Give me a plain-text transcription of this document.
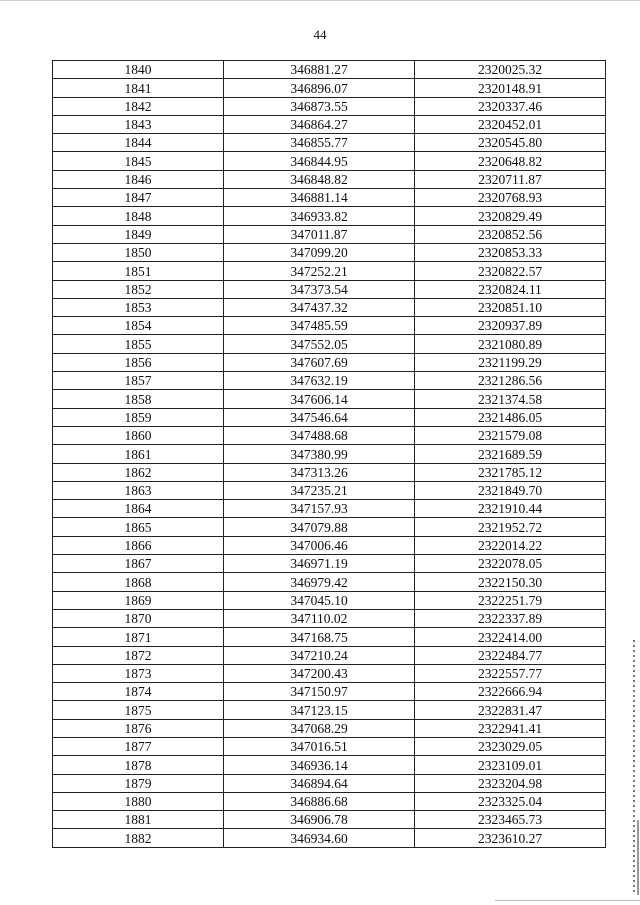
44
1840	346881.27	2320025.32
1841	346896.07	2320148.91
1842	346873.55	2320337.46
1843	346864.27	2320452.01
1844	346855.77	2320545.80
1845	346844.95	2320648.82
1846	346848.82	2320711.87
1847	346881.14	2320768.93
1848	346933.82	2320829.49
1849	347011.87	2320852.56
1850	347099.20	2320853.33
1851	347252.21	2320822.57
1852	347373.54	2320824.11
1853	347437.32	2320851.10
1854	347485.59	2320937.89
1855	347552.05	2321080.89
1856	347607.69	2321199.29
1857	347632.19	2321286.56
1858	347606.14	2321374.58
1859	347546.64	2321486.05
1860	347488.68	2321579.08
1861	347380.99	2321689.59
1862	347313.26	2321785.12
1863	347235.21	2321849.70
1864	347157.93	2321910.44
1865	347079.88	2321952.72
1866	347006.46	2322014.22
1867	346971.19	2322078.05
1868	346979.42	2322150.30
1869	347045.10	2322251.79
1870	347110.02	2322337.89
1871	347168.75	2322414.00
1872	347210.24	2322484.77
1873	347200.43	2322557.77
1874	347150.97	2322666.94
1875	347123.15	2322831.47
1876	347068.29	2322941.41
1877	347016.51	2323029.05
1878	346936.14	2323109.01
1879	346894.64	2323204.98
1880	346886.68	2323325.04
1881	346906.78	2323465.73
1882	346934.60	2323610.27
